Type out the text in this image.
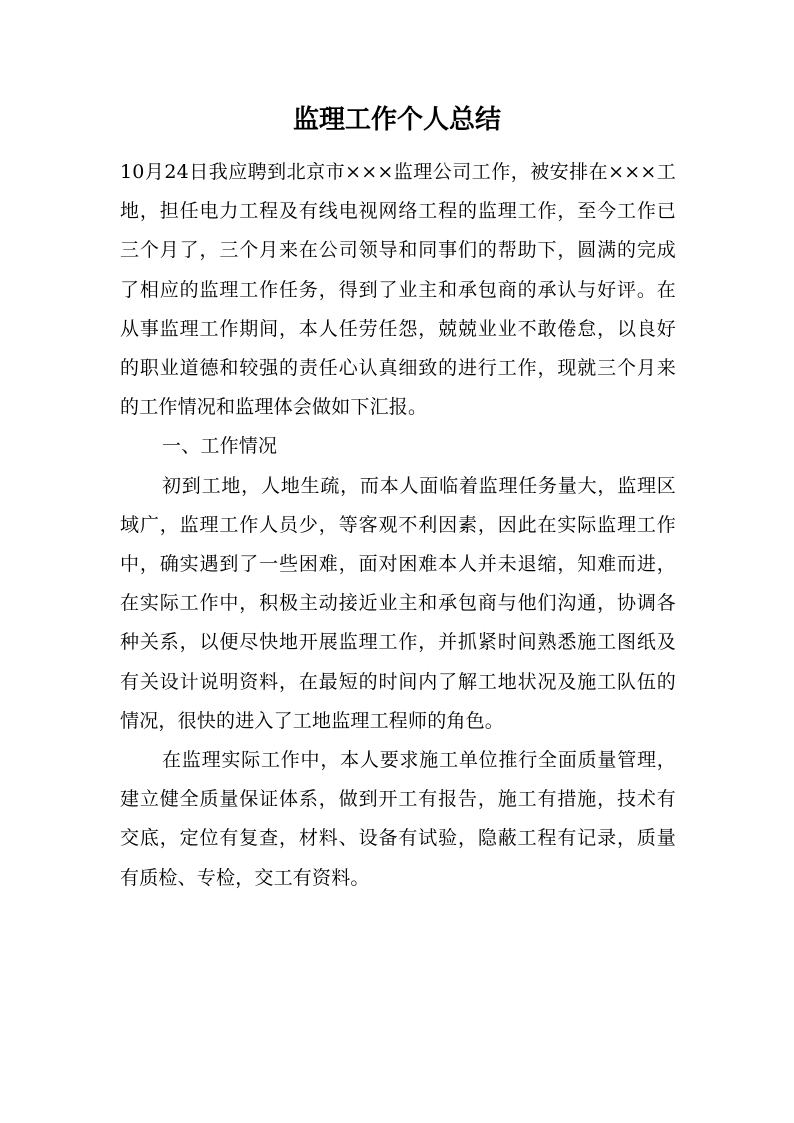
监理工作个人总结

10月24日我应聘到北京市×××监理公司工作，被安排在×××工地，担任电力工程及有线电视网络工程的监理工作，至今工作已三个月了，三个月来在公司领导和同事们的帮助下，圆满的完成了相应的监理工作任务，得到了业主和承包商的承认与好评。在从事监理工作期间，本人任劳任怨，兢兢业业不敢倦怠，以良好的职业道德和较强的责任心认真细致的进行工作，现就三个月来的工作情况和监理体会做如下汇报。

一、工作情况

初到工地，人地生疏，而本人面临着监理任务量大，监理区域广，监理工作人员少，等客观不利因素，因此在实际监理工作中，确实遇到了一些困难，面对困难本人并未退缩，知难而进，在实际工作中，积极主动接近业主和承包商与他们沟通，协调各种关系，以便尽快地开展监理工作，并抓紧时间熟悉施工图纸及有关设计说明资料，在最短的时间内了解工地状况及施工队伍的情况，很快的进入了工地监理工程师的角色。

在监理实际工作中，本人要求施工单位推行全面质量管理，建立健全质量保证体系，做到开工有报告，施工有措施，技术有交底，定位有复查，材料、设备有试验，隐蔽工程有记录，质量有质检、专检，交工有资料。
